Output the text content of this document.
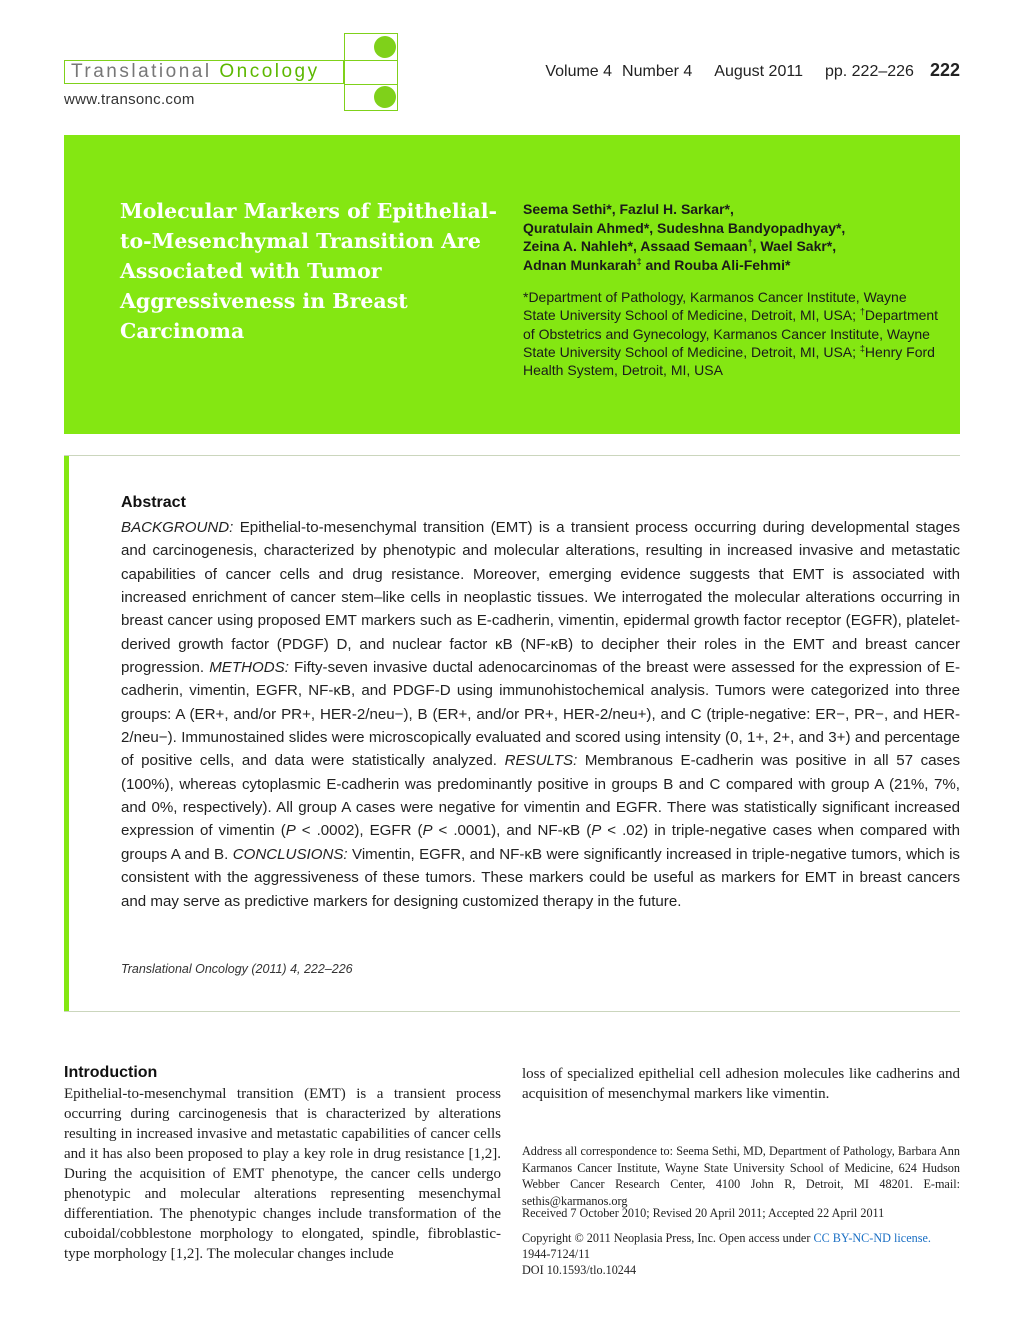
Translational Oncology
www.transonc.com
Volume 4 Number 4 August 2011 pp. 222–226 222
Molecular Markers of Epithelial-to-Mesenchymal Transition Are Associated with Tumor Aggressiveness in Breast Carcinoma
Seema Sethi*, Fazlul H. Sarkar*,
Quratulain Ahmed*, Sudeshna Bandyopadhyay*,
Zeina A. Nahleh*, Assaad Semaan†, Wael Sakr*,
Adnan Munkarah‡ and Rouba Ali-Fehmi*
*Department of Pathology, Karmanos Cancer Institute, Wayne State University School of Medicine, Detroit, MI, USA; †Department of Obstetrics and Gynecology, Karmanos Cancer Institute, Wayne State University School of Medicine, Detroit, MI, USA; ‡Henry Ford Health System, Detroit, MI, USA
Abstract

BACKGROUND: Epithelial-to-mesenchymal transition (EMT) is a transient process occurring during developmental stages and carcinogenesis, characterized by phenotypic and molecular alterations, resulting in increased invasive and metastatic capabilities of cancer cells and drug resistance. Moreover, emerging evidence suggests that EMT is associated with increased enrichment of cancer stem–like cells in neoplastic tissues. We interrogated the molecular alterations occurring in breast cancer using proposed EMT markers such as E-cadherin, vimentin, epidermal growth factor receptor (EGFR), platelet-derived growth factor (PDGF) D, and nuclear factor κB (NF-κB) to decipher their roles in the EMT and breast cancer progression. METHODS: Fifty-seven invasive ductal adenocarcinomas of the breast were assessed for the expression of E-cadherin, vimentin, EGFR, NF-κB, and PDGF-D using immunohistochemical analysis. Tumors were categorized into three groups: A (ER+, and/or PR+, HER-2/neu−), B (ER+, and/or PR+, HER-2/neu+), and C (triple-negative: ER−, PR−, and HER-2/neu−). Immunostained slides were microscopically evaluated and scored using intensity (0, 1+, 2+, and 3+) and percentage of positive cells, and data were statistically analyzed. RESULTS: Membranous E-cadherin was positive in all 57 cases (100%), whereas cytoplasmic E-cadherin was predominantly positive in groups B and C compared with group A (21%, 7%, and 0%, respectively). All group A cases were negative for vimentin and EGFR. There was statistically significant increased expression of vimentin (P < .0002), EGFR (P < .0001), and NF-κB (P < .02) in triple-negative cases when compared with groups A and B. CONCLUSIONS: Vimentin, EGFR, and NF-κB were significantly increased in triple-negative tumors, which is consistent with the aggressiveness of these tumors. These markers could be useful as markers for EMT in breast cancers and may serve as predictive markers for designing customized therapy in the future.

Translational Oncology (2011) 4, 222–226
Introduction

Epithelial-to-mesenchymal transition (EMT) is a transient process occurring during carcinogenesis that is characterized by alterations resulting in increased invasive and metastatic capabilities of cancer cells and it has also been proposed to play a key role in drug resistance [1,2]. During the acquisition of EMT phenotype, the cancer cells undergo phenotypic and molecular alterations representing mesenchymal differentiation. The phenotypic changes include transformation of the cuboidal/cobblestone morphology to elongated, spindle, fibroblastic-type morphology [1,2]. The molecular changes include

loss of specialized epithelial cell adhesion molecules like cadherins and acquisition of mesenchymal markers like vimentin.

Address all correspondence to: Seema Sethi, MD, Department of Pathology, Barbara Ann Karmanos Cancer Institute, Wayne State University School of Medicine, 624 Hudson Webber Cancer Research Center, 4100 John R, Detroit, MI 48201. E-mail: sethis@karmanos.org

Received 7 October 2010; Revised 20 April 2011; Accepted 22 April 2011
Copyright © 2011 Neoplasia Press, Inc. Open access under CC BY-NC-ND license.
1944-7124/11
DOI 10.1593/tlo.10244
